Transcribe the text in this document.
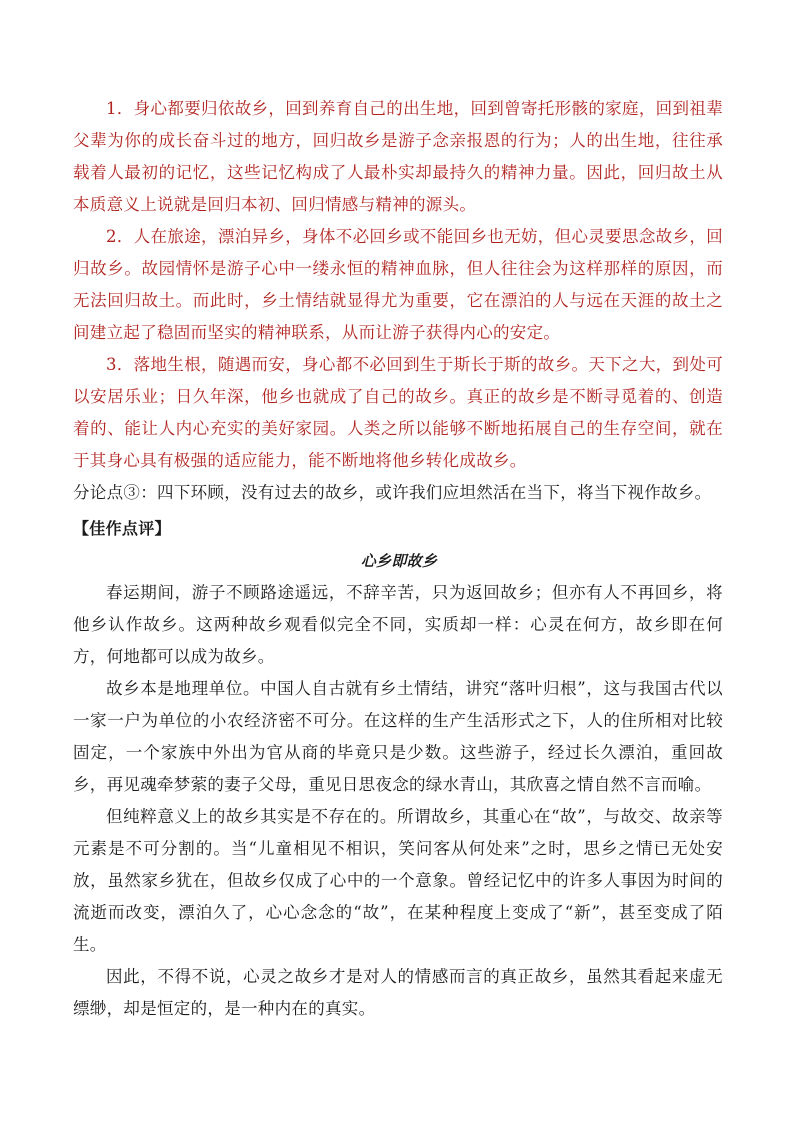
1．身心都要归依故乡，回到养育自己的出生地，回到曾寄托形骸的家庭，回到祖辈父辈为你的成长奋斗过的地方，回归故乡是游子念亲报恩的行为；人的出生地，往往承载着人最初的记忆，这些记忆构成了人最朴实却最持久的精神力量。因此，回归故土从本质意义上说就是回归本初、回归情感与精神的源头。

2．人在旅途，漂泊异乡，身体不必回乡或不能回乡也无妨，但心灵要思念故乡，回归故乡。故园情怀是游子心中一缕永恒的精神血脉，但人往往会为这样那样的原因，而无法回归故土。而此时，乡土情结就显得尤为重要，它在漂泊的人与远在天涯的故土之间建立起了稳固而坚实的精神联系，从而让游子获得内心的安定。

3．落地生根，随遇而安，身心都不必回到生于斯长于斯的故乡。天下之大，到处可以安居乐业；日久年深，他乡也就成了自己的故乡。真正的故乡是不断寻觅着的、创造着的、能让人内心充实的美好家园。人类之所以能够不断地拓展自己的生存空间，就在于其身心具有极强的适应能力，能不断地将他乡转化成故乡。

分论点③：四下环顾，没有过去的故乡，或许我们应坦然活在当下，将当下视作故乡。

【佳作点评】

心乡即故乡

春运期间，游子不顾路途遥远，不辞辛苦，只为返回故乡；但亦有人不再回乡，将他乡认作故乡。这两种故乡观看似完全不同，实质却一样：心灵在何方，故乡即在何方，何地都可以成为故乡。

故乡本是地理单位。中国人自古就有乡土情结，讲究“落叶归根”，这与我国古代以一家一户为单位的小农经济密不可分。在这样的生产生活形式之下，人的住所相对比较固定，一个家族中外出为官从商的毕竟只是少数。这些游子，经过长久漂泊，重回故乡，再见魂牵梦萦的妻子父母，重见日思夜念的绿水青山，其欣喜之情自然不言而喻。

但纯粹意义上的故乡其实是不存在的。所谓故乡，其重心在“故”，与故交、故亲等元素是不可分割的。当“儿童相见不相识，笑问客从何处来”之时，思乡之情已无处安放，虽然家乡犹在，但故乡仅成了心中的一个意象。曾经记忆中的许多人事因为时间的流逝而改变，漂泊久了，心心念念的“故”，在某种程度上变成了“新”，甚至变成了陌生。

因此，不得不说，心灵之故乡才是对人的情感而言的真正故乡，虽然其看起来虚无缥缈，却是恒定的，是一种内在的真实。
